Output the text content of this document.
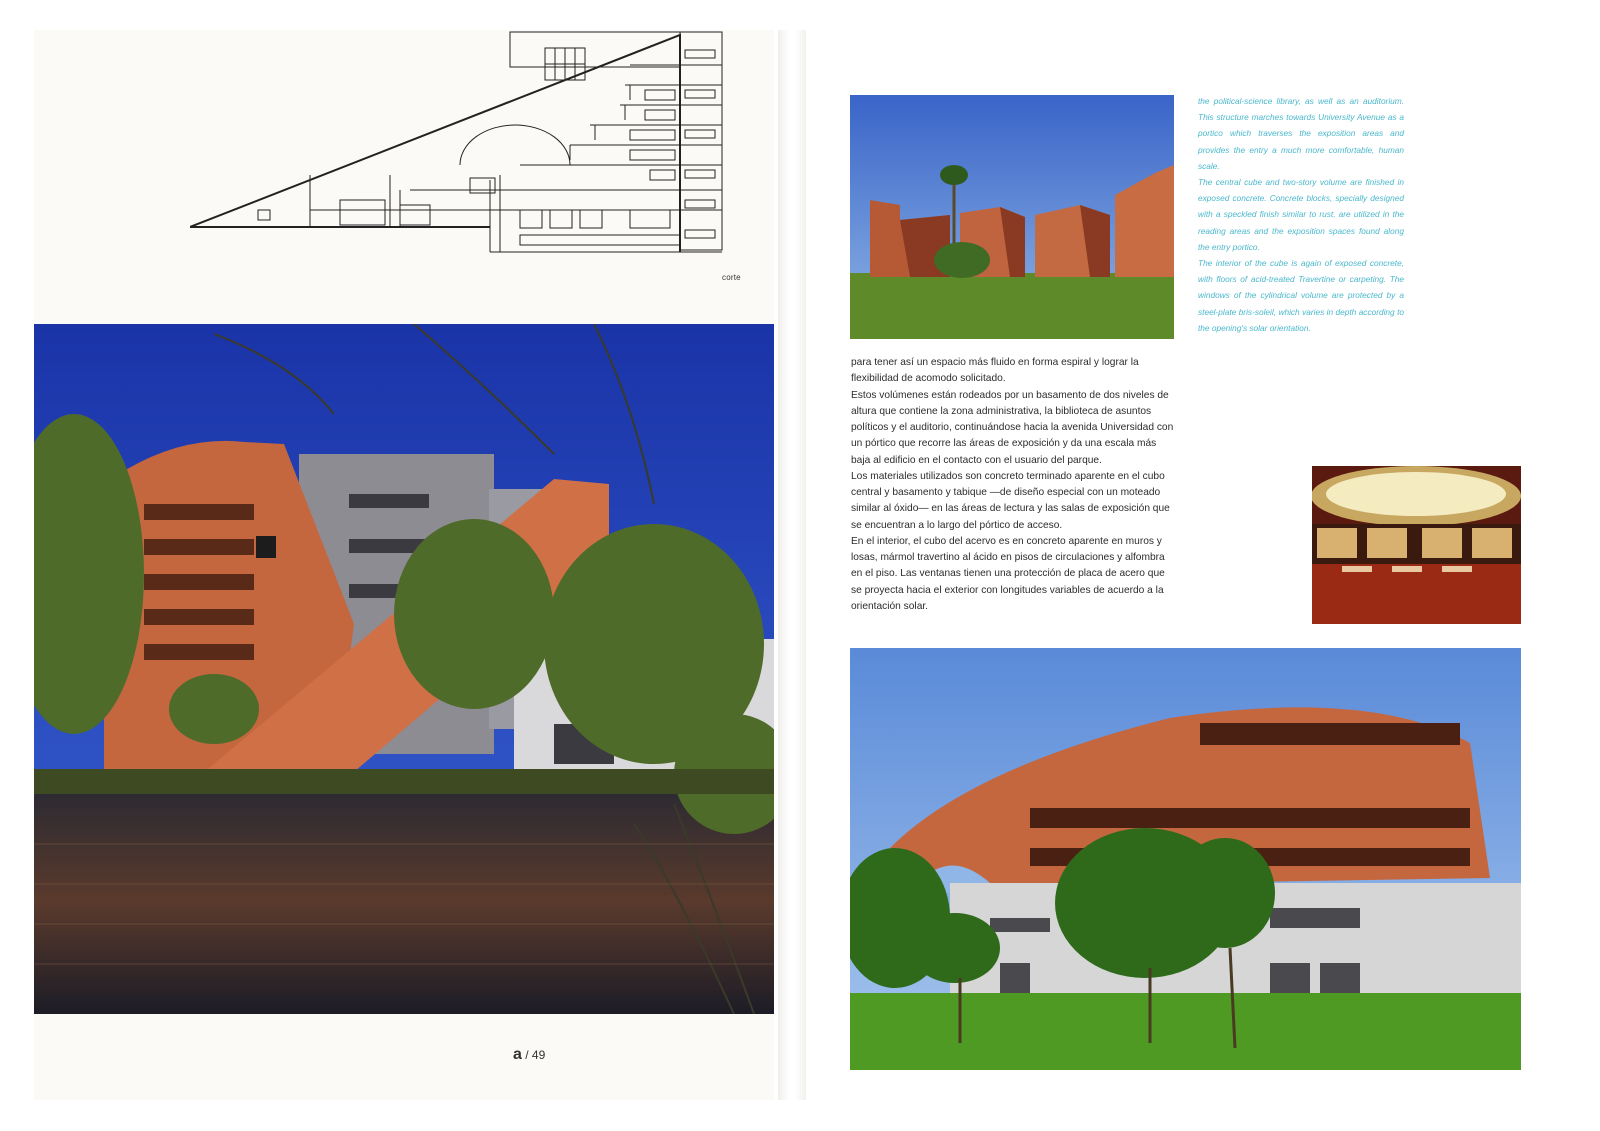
corte

the political-science library, as well as an auditorium. This structure marches towards University Avenue as a portico which traverses the exposition areas and provides the entry a much more comfortable, human scale.

The central cube and two-story volume are finished in exposed concrete. Concrete blocks, specially designed with a speckled finish similar to rust, are utilized in the reading areas and the exposition spaces found along the entry portico.

The interior of the cube is again of exposed concrete, with floors of acid-treated Travertine or carpeting. The windows of the cylindrical volume are protected by a steel-plate bris-soleil, which varies in depth according to the opening's solar orientation.

para tener así un espacio más fluido en forma espiral y lograr la flexibilidad de acomodo solicitado.

Estos volúmenes están rodeados por un basamento de dos niveles de altura que contiene la zona administrativa, la biblioteca de asuntos políticos y el auditorio, continuándose hacia la avenida Universidad con un pórtico que recorre las áreas de exposición y da una escala más baja al edificio en el contacto con el usuario del parque.

Los materiales utilizados son concreto terminado aparente en el cubo central y basamento y tabique —de diseño especial con un moteado similar al óxido— en las áreas de lectura y las salas de exposición que se encuentran a lo largo del pórtico de acceso.

En el interior, el cubo del acervo es en concreto aparente en muros y losas, mármol travertino al ácido en pisos de circulaciones y alfombra en el piso. Las ventanas tienen una protección de placa de acero que se proyecta hacia el exterior con longitudes variables de acuerdo a la orientación solar.

a / 49
